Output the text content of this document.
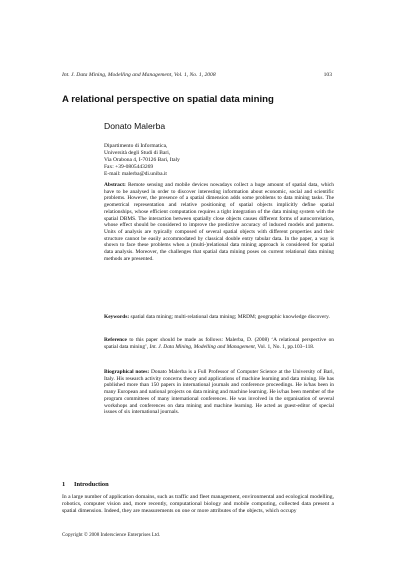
Int. J. Data Mining, Modelling and Management, Vol. 1, No. 1, 2008	103
A relational perspective on spatial data mining
Donato Malerba
Dipartimento di Informatica,
Università degli Studi di Bari,
Via Orabona 4, I-70126 Bari, Italy
Fax: +39-0805443269
E-mail: malerba@di.uniba.it
Abstract: Remote sensing and mobile devices nowadays collect a huge amount of spatial data, which have to be analysed in order to discover interesting information about economic, social and scientific problems. However, the presence of a spatial dimension adds some problems to data mining tasks. The geometrical representation and relative positioning of spatial objects implicitly define spatial relationships, whose efficient computation requires a tight integration of the data mining system with the spatial DBMS. The interaction between spatially close objects causes different forms of autocorrelation, whose effect should be considered to improve the predictive accuracy of induced models and patterns. Units of analysis are typically composed of several spatial objects with different properties and their structure cannot be easily accommodated by classical double entry tabular data. In the paper, a way is shown to face these problems when a (multi-)relational data mining approach is considered for spatial data analysis. Moreover, the challenges that spatial data mining poses on current relational data mining methods are presented.
Keywords: spatial data mining; multi-relational data mining; MRDM; geographic knowledge discovery.
Reference to this paper should be made as follows: Malerba, D. (2008) ‘A relational perspective on spatial data mining’, Int. J. Data Mining, Modelling and Management, Vol. 1, No. 1, pp.103–118.
Biographical notes: Donato Malerba is a Full Professor of Computer Science at the University of Bari, Italy. His research activity concerns theory and applications of machine learning and data mining. He has published more than 150 papers in international journals and conference proceedings. He is/has been in many European and national projects on data mining and machine learning. He is/has been member of the program committees of many international conferences. He was involved in the organisation of several workshops and conferences on data mining and machine learning. He acted as guest-editor of special issues of six international journals.
1 Introduction
In a large number of application domains, such as traffic and fleet management, environmental and ecological modelling, robotics, computer vision and, more recently, computational biology and mobile computing, collected data present a spatial dimension. Indeed, they are measurements on one or more attributes of the objects, which occupy
Copyright © 2008 Inderscience Enterprises Ltd.
